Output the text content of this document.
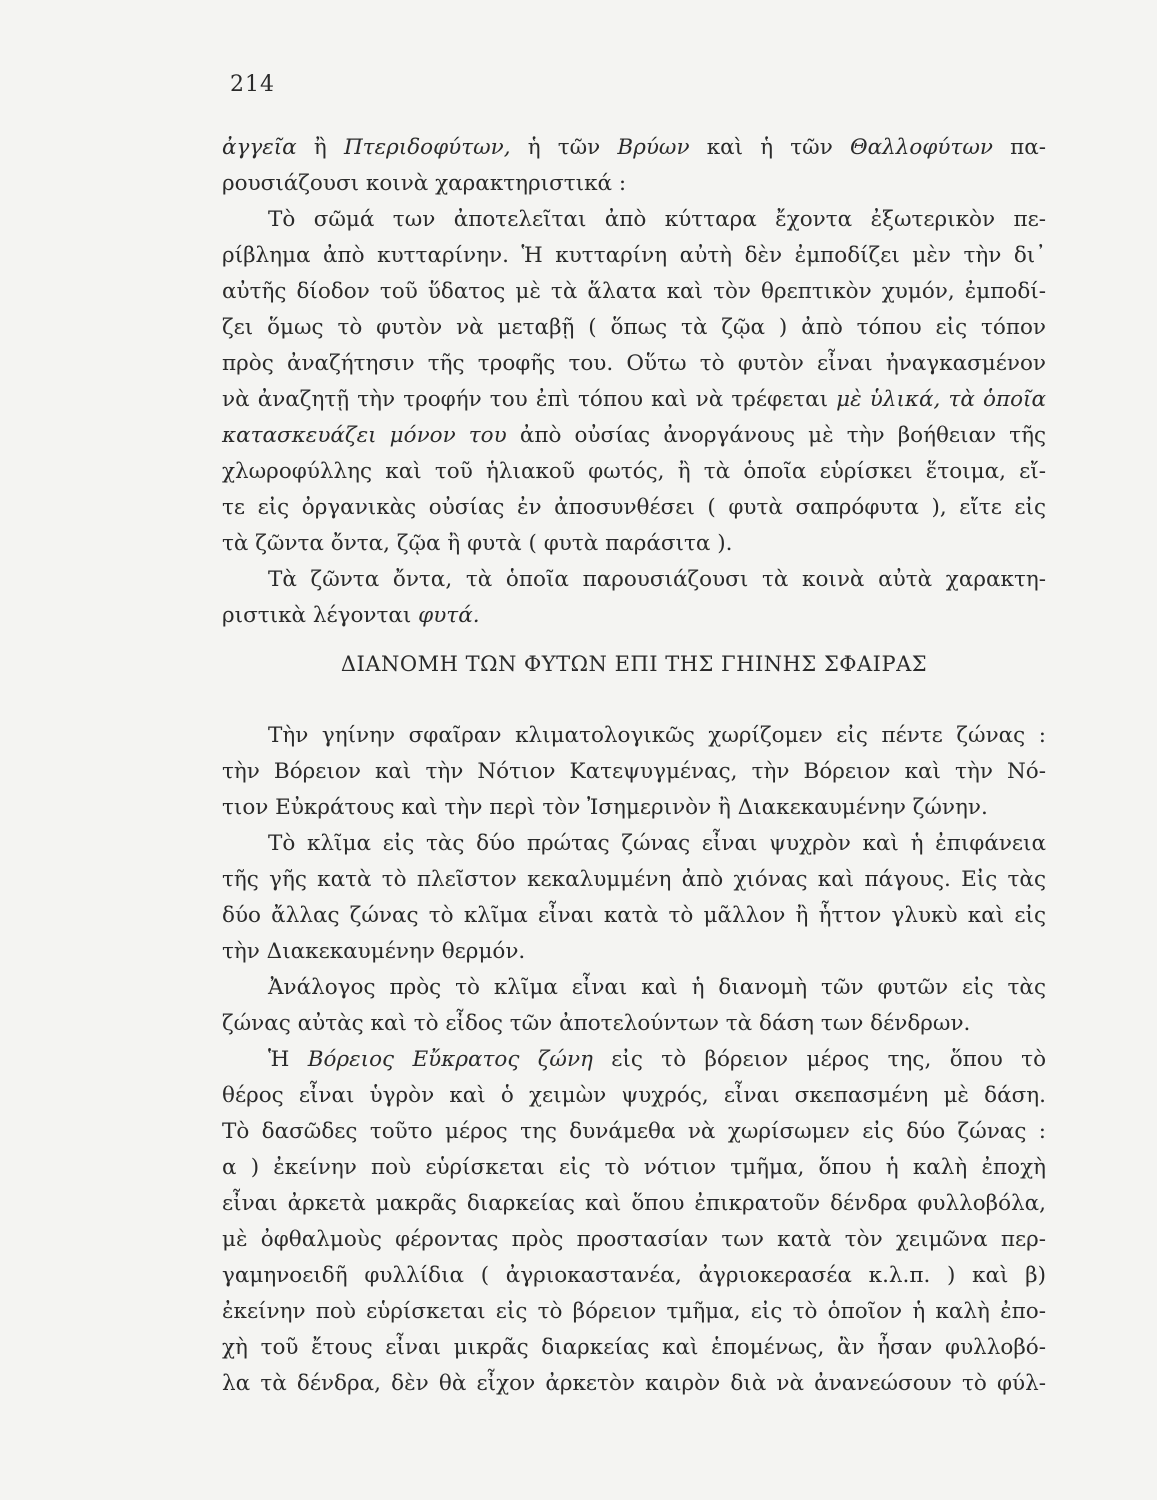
214
ἀγγεῖα ἢ Πτεριδοφύτων, ἡ τῶν Βρύων καὶ ἡ τῶν Θαλλοφύτων πα-
ρουσιάζουσι κοινὰ χαρακτηριστικά :
Τὸ σῶμά των ἀποτελεῖται ἀπὸ κύτταρα ἔχοντα ἐξωτερικὸν πε-
ρίβλημα ἀπὸ κυτταρίνην. Ἡ κυτταρίνη αὐτὴ δὲν ἐμποδίζει μὲν τὴν δι᾿
αὐτῆς δίοδον τοῦ ὕδατος μὲ τὰ ἅλατα καὶ τὸν θρεπτικὸν χυμόν, ἐμποδί-
ζει ὅμως τὸ φυτὸν νὰ μεταβῇ ( ὅπως τὰ ζῷα ) ἀπὸ τόπου εἰς τόπον
πρὸς ἀναζήτησιν τῆς τροφῆς του. Οὕτω τὸ φυτὸν εἶναι ἠναγκασμένον
νὰ ἀναζητῇ τὴν τροφήν του ἐπὶ τόπου καὶ νὰ τρέφεται μὲ ὑλικά, τὰ ὁποῖα
κατασκευάζει μόνον του ἀπὸ οὐσίας ἀνοργάνους μὲ τὴν βοήθειαν τῆς
χλωροφύλλης καὶ τοῦ ἡλιακοῦ φωτός, ἢ τὰ ὁποῖα εὑρίσκει ἕτοιμα, εἴ-
τε εἰς ὀργανικὰς οὐσίας ἐν ἀποσυνθέσει ( φυτὰ σαπρόφυτα ), εἴτε εἰς
τὰ ζῶντα ὄντα, ζῷα ἢ φυτὰ ( φυτὰ παράσιτα ).
Τὰ ζῶντα ὄντα, τὰ ὁποῖα παρουσιάζουσι τὰ κοινὰ αὐτὰ χαρακτη-
ριστικὰ λέγονται φυτά.
ΔΙΑΝΟΜΗ ΤΩΝ ΦΥΤΩΝ ΕΠΙ ΤΗΣ ΓΗΙΝΗΣ ΣΦΑΙΡΑΣ
Τὴν γηίνην σφαῖραν κλιματολογικῶς χωρίζομεν εἰς πέντε ζώνας :
τὴν Βόρειον καὶ τὴν Νότιον Κατεψυγμένας, τὴν Βόρειον καὶ τὴν Νό-
τιον Εὐκράτους καὶ τὴν περὶ τὸν Ἰσημερινὸν ἢ Διακεκαυμένην ζώνην.
Τὸ κλῖμα εἰς τὰς δύο πρώτας ζώνας εἶναι ψυχρὸν καὶ ἡ ἐπιφάνεια
τῆς γῆς κατὰ τὸ πλεῖστον κεκαλυμμένη ἀπὸ χιόνας καὶ πάγους. Εἰς τὰς
δύο ἄλλας ζώνας τὸ κλῖμα εἶναι κατὰ τὸ μᾶλλον ἢ ἧττον γλυκὺ καὶ εἰς
τὴν Διακεκαυμένην θερμόν.
Ἀνάλογος πρὸς τὸ κλῖμα εἶναι καὶ ἡ διανομὴ τῶν φυτῶν εἰς τὰς
ζώνας αὐτὰς καὶ τὸ εἶδος τῶν ἀποτελούντων τὰ δάση των δένδρων.
Ἡ Βόρειος Εὔκρατος ζώνη εἰς τὸ βόρειον μέρος της, ὅπου τὸ
θέρος εἶναι ὑγρὸν καὶ ὁ χειμὼν ψυχρός, εἶναι σκεπασμένη μὲ δάση.
Τὸ δασῶδες τοῦτο μέρος της δυνάμεθα νὰ χωρίσωμεν εἰς δύο ζώνας :
α ) ἐκείνην ποὺ εὑρίσκεται εἰς τὸ νότιον τμῆμα, ὅπου ἡ καλὴ ἐποχὴ
εἶναι ἀρκετὰ μακρᾶς διαρκείας καὶ ὅπου ἐπικρατοῦν δένδρα φυλλοβόλα,
μὲ ὀφθαλμοὺς φέροντας πρὸς προστασίαν των κατὰ τὸν χειμῶνα περ-
γαμηνοειδῆ φυλλίδια ( ἀγριοκαστανέα, ἀγριοκερασέα κ.λ.π. ) καὶ β)
ἐκείνην ποὺ εὑρίσκεται εἰς τὸ βόρειον τμῆμα, εἰς τὸ ὁποῖον ἡ καλὴ ἐπο-
χὴ τοῦ ἔτους εἶναι μικρᾶς διαρκείας καὶ ἑπομένως, ἂν ἦσαν φυλλοβό-
λα τὰ δένδρα, δὲν θὰ εἶχον ἀρκετὸν καιρὸν διὰ νὰ ἀνανεώσουν τὸ φύλ-
